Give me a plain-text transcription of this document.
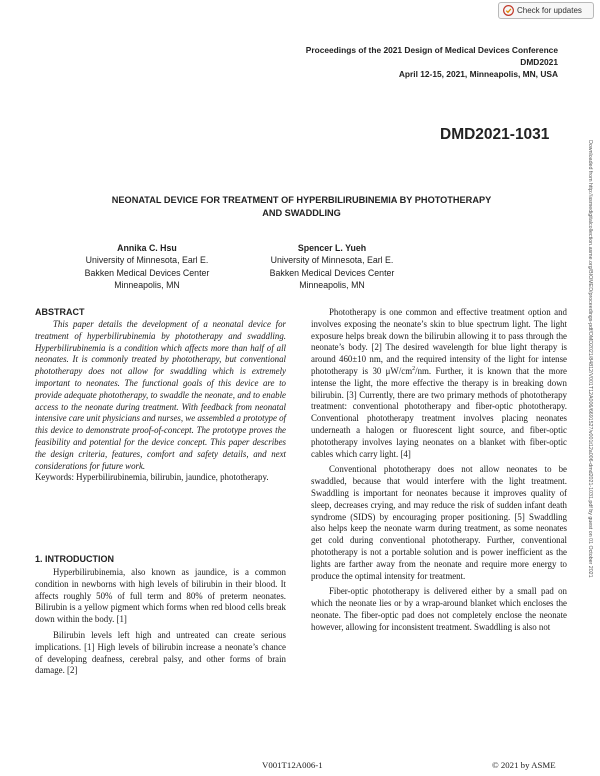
Check for updates
Proceedings of the 2021 Design of Medical Devices Conference
DMD2021
April 12-15, 2021, Minneapolis, MN, USA
DMD2021-1031
NEONATAL DEVICE FOR TREATMENT OF HYPERBILIRUBINEMIA BY PHOTOTHERAPY
AND SWADDLING
Annika C. Hsu
University of Minnesota, Earl E.
Bakken Medical Devices Center
Minneapolis, MN
Spencer L. Yueh
University of Minnesota, Earl E.
Bakken Medical Devices Center
Minneapolis, MN
ABSTRACT

This paper details the development of a neonatal device for treatment of hyperbilirubinemia by phototherapy and swaddling. Hyperbilirubinemia is a condition which affects more than half of all neonates. It is commonly treated by phototherapy, but conventional phototherapy does not allow for swaddling which is extremely important to neonates. The functional goals of this device are to provide adequate phototherapy, to swaddle the neonate, and to enable access to the neonate during treatment. With feedback from neonatal intensive care unit physicians and nurses, we assembled a prototype of this device to demonstrate proof-of-concept. The prototype proves the feasibility and potential for the device concept. This paper describes the design criteria, features, comfort and safety details, and next considerations for future work.

Keywords: Hyperbilirubinemia, bilirubin, jaundice, phototherapy.

1. INTRODUCTION

Hyperbilirubinemia, also known as jaundice, is a common condition in newborns with high levels of bilirubin in their blood. It affects roughly 50% of full term and 80% of preterm neonates. Bilirubin is a yellow pigment which forms when red blood cells break down within the body. [1]

Bilirubin levels left high and untreated can create serious implications. [1] High levels of bilirubin increase a neonate’s chance of developing deafness, cerebral palsy, and other forms of brain damage. [2]

Phototherapy is one common and effective treatment option and involves exposing the neonate’s skin to blue spectrum light. The light exposure helps break down the bilirubin allowing it to pass through the neonate’s body. [2] The desired wavelength for blue light therapy is around 460±10 nm, and the required intensity of the light for intense phototherapy is 30 $\mu W/cm^2/nm$. Further, it is known that the more intense the light, the more effective the therapy is in breaking down bilirubin. [3] Currently, there are two primary methods of phototherapy treatment: conventional phototherapy and fiber-optic phototherapy. Conventional phototherapy treatment involves placing neonates underneath a halogen or fluorescent light source, and fiber-optic phototherapy involves laying neonates on a blanket with fiber-optic cables which carry light. [4]

Conventional phototherapy does not allow neonates to be swaddled, because that would interfere with the light treatment. Swaddling is important for neonates because it improves quality of sleep, decreases crying, and may reduce the risk of sudden infant death syndrome (SIDS) by encouraging proper positioning. [5] Swaddling also helps keep the neonate warm during treatment, as some neonates get cold during conventional phototherapy. Further, conventional phototherapy is not a portable solution and is power inefficient as the lights are farther away from the neonate and require more energy to produce the optimal intensity for treatment.

Fiber-optic phototherapy is delivered either by a small pad on which the neonate lies or by a wrap-around blanket which encloses the neonate. The fiber-optic pad does not completely enclose the neonate however, allowing for inconsistent treatment. Swaddling is also not

Downloaded from http://asmedigitalcollection.asme.org/BIOMED/proceedings-pdf/DMD2021/84812/V001T12A006/6691527/v001t12a006-dmd2021-1031.pdf by guest on 01 October 2021
V001T12A006-1	© 2021 by ASME
